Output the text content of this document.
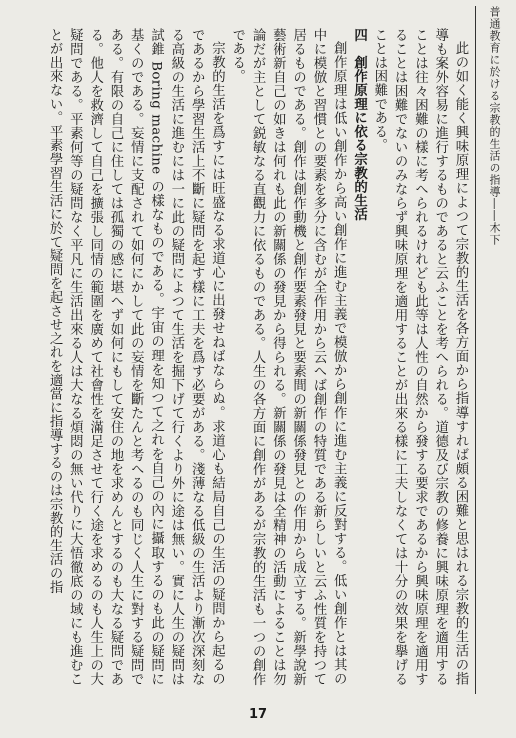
普通教育に於ける宗教的生活の指導――木下

此の如く能く興味原理によつて宗教的生活を各方面から指導すれば頗る困難と思はれる宗教的生活の指導も案外容易に進行するものであると云ふことを考へられる。道德及び宗教の修養に興味原理を適用することは往々困難の樣に考へられるけれども此等は人性の自然から發する要求であるから興味原理を適用することは困難でないのみならず興味原理を適用することが出來る樣に工夫しなくては十分の效果を擧げることは困難である。

四　創作原理に依る宗教的生活

創作原理は低い創作から高い創作に進む主義で模倣から創作に進む主義に反對する。低い創作とは其の中に模倣と習慣との要素を多分に含むが全作用から云へば創作の特質である新らしいと云ふ性質を持つて居るものである。創作は創作動機と創作要素發見と要素間の新關係發見との作用から成立する。新學說新藝術新自己の如きは何れも此の新關係の發見から得られる。新關係の發見は全精神の活動によることは勿論だが主として鋭敏なる直觀力に依るものである。人生の各方面に創作があるが宗教的生活も一つの創作である。

宗教的生活を爲すには旺盛なる求道心に出發せねばならぬ。求道心も結局自己の生活の疑問から起るのであるから學習生活上不斷に疑問を起す樣に工夫を爲す必要がある。淺薄なる低級の生活より漸次深刻なる高級の生活に進むには一に此の疑問によつて生活を掘下げて行くより外に途は無い。實に人生の疑問は試錐 Boring machine の樣なものである。宇宙の理を知つて之れを自己の內に攝取するのも此の疑問に基くのである。妄情に支配されて如何にかして此の妄情を斷たんと考へるのも同じく人生に對する疑問である。有限の自己に住しては孤獨の感に堪へず如何にもして安住の地を求めんとするのも大なる疑問である。他人を救濟して自己を擴張し同情の範圍を廣めて社會性を滿足させて行く途を求めるのも人生上の大疑問である。平素何等の疑問なく平凡に生活出來る人は大なる煩悶の無い代りに大悟徹底の域にも進むことが出來ない。平素學習生活に於て疑問を起させ之れを適當に指導するのは宗教的生活の指

17
